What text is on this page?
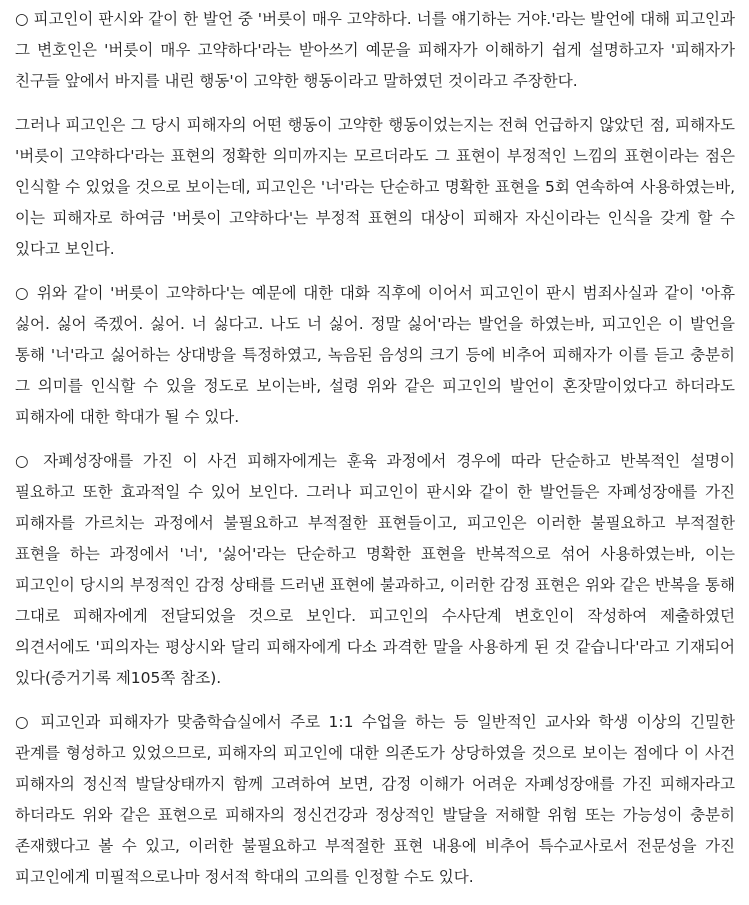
○ 피고인이 판시와 같이 한 발언 중 '버릇이 매우 고약하다. 너를 얘기하는 거야.'라는 발언에 대해 피고인과 그 변호인은 '버릇이 매우 고약하다'라는 받아쓰기 예문을 피해자가 이해하기 쉽게 설명하고자 '피해자가 친구들 앞에서 바지를 내린 행동'이 고약한 행동이라고 말하였던 것이라고 주장한다.

그러나 피고인은 그 당시 피해자의 어떤 행동이 고약한 행동이었는지는 전혀 언급하지 않았던 점, 피해자도 '버릇이 고약하다'라는 표현의 정확한 의미까지는 모르더라도 그 표현이 부정적인 느낌의 표현이라는 점은 인식할 수 있었을 것으로 보이는데, 피고인은 '너'라는 단순하고 명확한 표현을 5회 연속하여 사용하였는바, 이는 피해자로 하여금 '버릇이 고약하다'는 부정적 표현의 대상이 피해자 자신이라는 인식을 갖게 할 수 있다고 보인다.

○ 위와 같이 '버릇이 고약하다'는 예문에 대한 대화 직후에 이어서 피고인이 판시 범죄사실과 같이 '아휴 싫어. 싫어 죽겠어. 싫어. 너 싫다고. 나도 너 싫어. 정말 싫어'라는 발언을 하였는바, 피고인은 이 발언을 통해 '너'라고 싫어하는 상대방을 특정하였고, 녹음된 음성의 크기 등에 비추어 피해자가 이를 듣고 충분히 그 의미를 인식할 수 있을 정도로 보이는바, 설령 위와 같은 피고인의 발언이 혼잣말이었다고 하더라도 피해자에 대한 학대가 될 수 있다.

○ 자폐성장애를 가진 이 사건 피해자에게는 훈육 과정에서 경우에 따라 단순하고 반복적인 설명이 필요하고 또한 효과적일 수 있어 보인다. 그러나 피고인이 판시와 같이 한 발언들은 자폐성장애를 가진 피해자를 가르치는 과정에서 불필요하고 부적절한 표현들이고, 피고인은 이러한 불필요하고 부적절한 표현을 하는 과정에서 '너', '싫어'라는 단순하고 명확한 표현을 반복적으로 섞어 사용하였는바, 이는 피고인이 당시의 부정적인 감정 상태를 드러낸 표현에 불과하고, 이러한 감정 표현은 위와 같은 반복을 통해 그대로 피해자에게 전달되었을 것으로 보인다. 피고인의 수사단계 변호인이 작성하여 제출하였던 의견서에도 '피의자는 평상시와 달리 피해자에게 다소 과격한 말을 사용하게 된 것 같습니다'라고 기재되어 있다(증거기록 제105쪽 참조).

○ 피고인과 피해자가 맞춤학습실에서 주로 1:1 수업을 하는 등 일반적인 교사와 학생 이상의 긴밀한 관계를 형성하고 있었으므로, 피해자의 피고인에 대한 의존도가 상당하였을 것으로 보이는 점에다 이 사건 피해자의 정신적 발달상태까지 함께 고려하여 보면, 감정 이해가 어려운 자폐성장애를 가진 피해자라고 하더라도 위와 같은 표현으로 피해자의 정신건강과 정상적인 발달을 저해할 위험 또는 가능성이 충분히 존재했다고 볼 수 있고, 이러한 불필요하고 부적절한 표현 내용에 비추어 특수교사로서 전문성을 가진 피고인에게 미필적으로나마 정서적 학대의 고의를 인정할 수도 있다.
